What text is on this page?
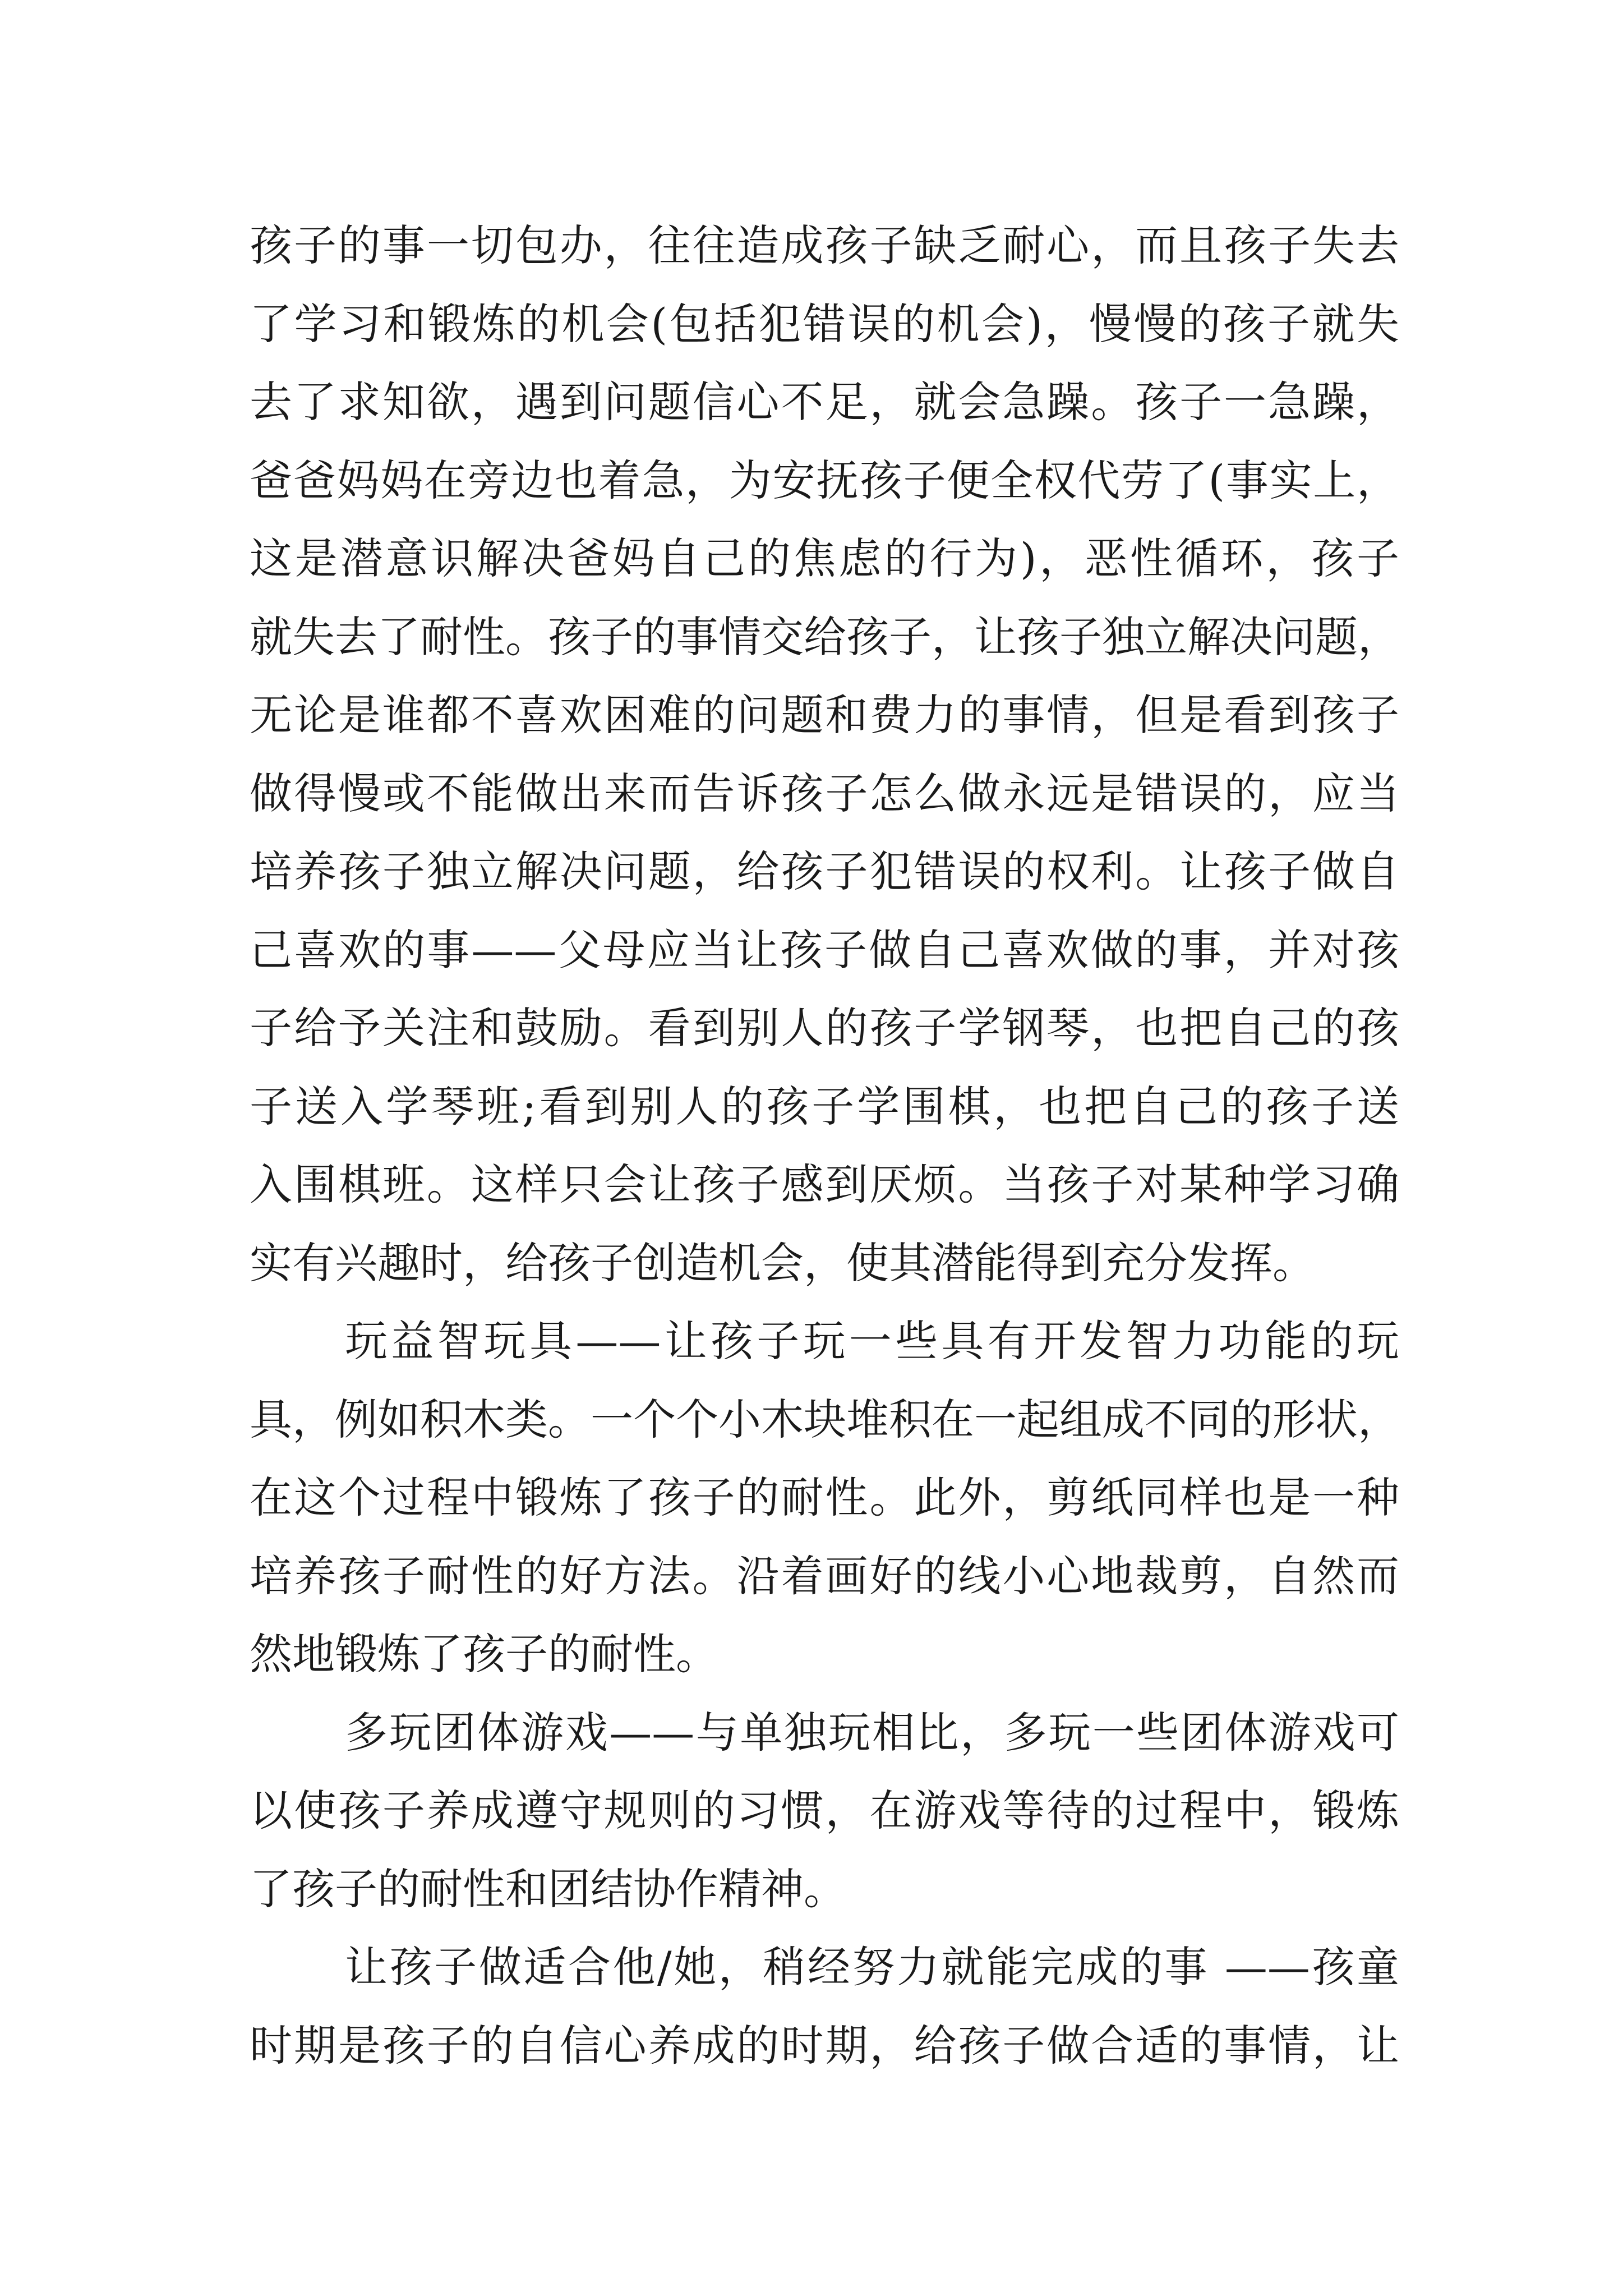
孩子的事一切包办，往往造成孩子缺乏耐心，而且孩子失去
了学习和锻炼的机会(包括犯错误的机会)，慢慢的孩子就失
去了求知欲，遇到问题信心不足，就会急躁。孩子一急躁，
爸爸妈妈在旁边也着急，为安抚孩子便全权代劳了(事实上，
这是潜意识解决爸妈自己的焦虑的行为)，恶性循环，孩子
就失去了耐性。孩子的事情交给孩子，让孩子独立解决问题，
无论是谁都不喜欢困难的问题和费力的事情，但是看到孩子
做得慢或不能做出来而告诉孩子怎么做永远是错误的，应当
培养孩子独立解决问题，给孩子犯错误的权利。让孩子做自
己喜欢的事——父母应当让孩子做自己喜欢做的事，并对孩
子给予关注和鼓励。看到别人的孩子学钢琴，也把自己的孩
子送入学琴班;看到别人的孩子学围棋，也把自己的孩子送
入围棋班。这样只会让孩子感到厌烦。当孩子对某种学习确
实有兴趣时，给孩子创造机会，使其潜能得到充分发挥。
玩益智玩具——让孩子玩一些具有开发智力功能的玩
具，例如积木类。一个个小木块堆积在一起组成不同的形状，
在这个过程中锻炼了孩子的耐性。此外，剪纸同样也是一种
培养孩子耐性的好方法。沿着画好的线小心地裁剪，自然而
然地锻炼了孩子的耐性。
多玩团体游戏——与单独玩相比，多玩一些团体游戏可
以使孩子养成遵守规则的习惯，在游戏等待的过程中，锻炼
了孩子的耐性和团结协作精神。
让孩子做适合他/她，稍经努力就能完成的事 ——孩童
时期是孩子的自信心养成的时期，给孩子做合适的事情，让
